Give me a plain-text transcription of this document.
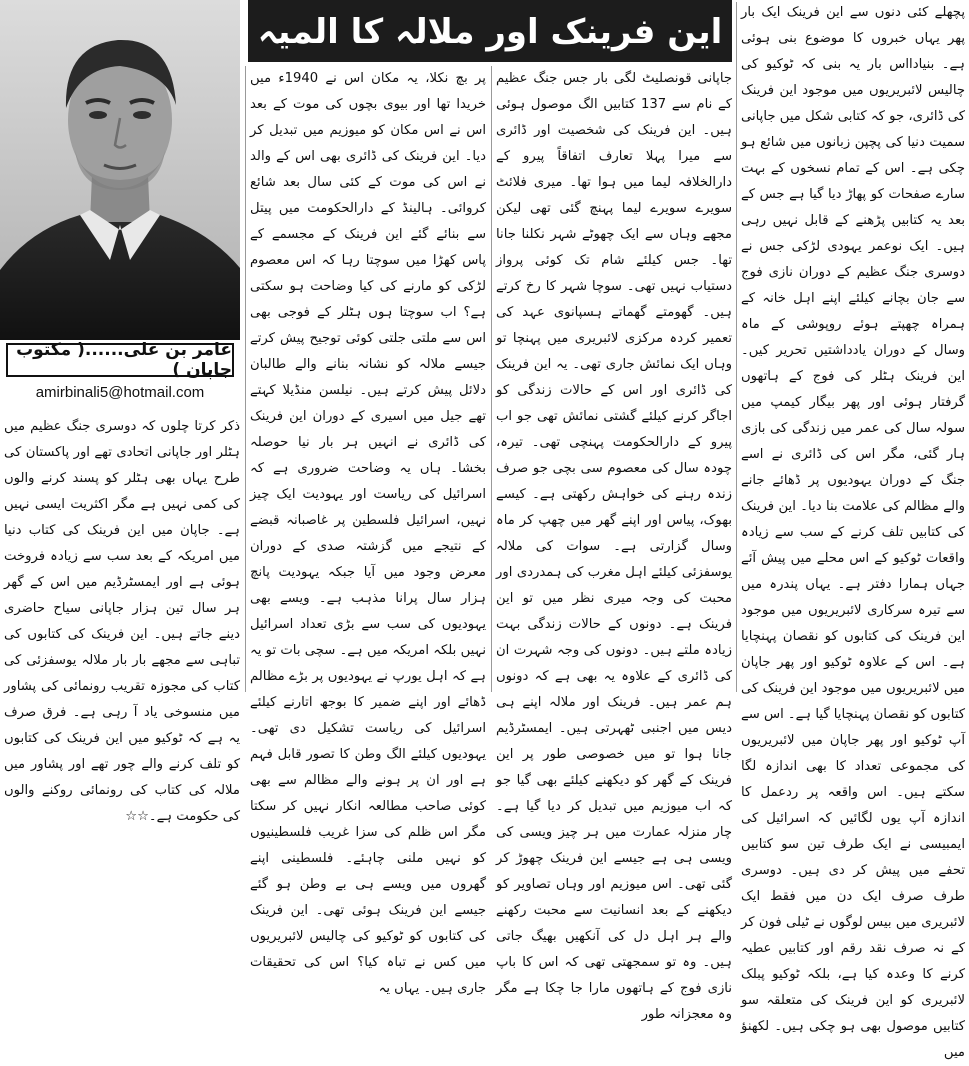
عامر بن علی......( مکتوب جاپان )
amirbinali5@hotmail.com
این فرینک اور ملالہ کا المیہ پچھلے کئی دنوں سے این فرینک ایک بار پھر یہاں خبروں کا موضوع بنی ہوئی ہے۔ بنیادااس بار یہ بنی کہ ٹوکیو کی چالیس لائبریریوں میں موجود این فرینک کی ڈائری، جو کہ کتابی شکل میں جاپانی سمیت دنیا کی پچپن زبانوں میں شائع ہو چکی ہے۔ اس کے تمام نسخوں کے بہت سارے صفحات کو پھاڑ دیا گیا ہے جس کے بعد یہ کتابیں پڑھنے کے قابل نہیں رہی ہیں۔ ایک نوعمر یہودی لڑکی جس نے دوسری جنگ عظیم کے دوران نازی فوج سے جان بچانے کیلئے اپنے اہل خانہ کے ہمراہ چھپتے ہوئے روپوشی کے ماہ وسال کے دوران یادداشتیں تحریر کیں۔ این فرینک ہٹلر کی فوج کے ہاتھوں گرفتار ہوئی اور پھر بیگار کیمپ میں سولہ سال کی عمر میں زندگی کی بازی ہار گئی، مگر اس کی ڈائری نے اسے جنگ کے دوران یہودیوں پر ڈھائے جانے والے مظالم کی علامت بنا دیا۔ این فرینک کی کتابیں تلف کرنے کے سب سے زیادہ واقعات ٹوکیو کے اس محلے میں پیش آئے جہاں ہمارا دفتر ہے۔ یہاں پندرہ میں سے تیرہ سرکاری لائبریریوں میں موجود این فرینک کی کتابوں کو نقصان پہنچایا ہے۔ اس کے علاوہ ٹوکیو اور پھر جاپان میں لائبریریوں میں موجود این فرینک کی کتابوں کو نقصان پہنچایا گیا ہے۔ اس سے آپ ٹوکیو اور پھر جاپان میں لائبریریوں کی مجموعی تعداد کا بھی اندازہ لگا سکتے ہیں۔ اس واقعہ پر ردعمل کا اندازہ آپ یوں لگائیں کہ اسرائیل کی ایمبیسی نے ایک طرف تین سو کتابیں تحفے میں پیش کر دی ہیں۔ دوسری طرف صرف ایک دن میں فقط ایک لائبریری میں بیس لوگوں نے ٹیلی فون کر کے نہ صرف نقد رقم اور کتابیں عطیہ کرنے کا وعدہ کیا ہے، بلکہ ٹوکیو پبلک لائبریری کو این فرینک کی متعلقہ سو کتابیں موصول بھی ہو چکی ہیں۔ لکھنؤ میں

جاپانی قونصلیٹ لگی بار جس جنگ عظیم کے نام سے 137 کتابیں الگ موصول ہوئی ہیں۔ این فرینک کی شخصیت اور ڈائری سے میرا پہلا تعارف اتفاقاً پیرو کے دارالخلافہ لیما میں ہوا تھا۔ میری فلائٹ سویرے سویرے لیما پہنچ گئی تھی لیکن مجھے وہاں سے ایک چھوٹے شہر نکلنا جانا تھا۔ جس کیلئے شام تک کوئی پرواز دستیاب نہیں تھی۔ سوچا شہر کا رخ کرتے ہیں۔ گھومتے گھماتے ہسپانوی عہد کی تعمیر کردہ مرکزی لائبریری میں پہنچا تو وہاں ایک نمائش جاری تھی۔ یہ این فرینک کی ڈائری اور اس کے حالات زندگی کو اجاگر کرنے کیلئے گشتی نمائش تھی جو اب پیرو کے دارالحکومت پہنچی تھی۔ تیرہ، چودہ سال کی معصوم سی بچی جو صرف زندہ رہنے کی خواہش رکھتی ہے۔ کیسے بھوک، پیاس اور اپنے گھر میں چھپ کر ماہ وسال گزارتی ہے۔ سوات کی ملالہ یوسفزئی کیلئے اہل مغرب کی ہمدردی اور محبت کی وجہ میری نظر میں تو این فرینک ہے۔ دونوں کے حالات زندگی بہت زیادہ ملتے ہیں۔ دونوں کی وجہ شہرت ان کی ڈائری کے علاوہ یہ بھی ہے کہ دونوں ہم عمر ہیں۔ فرینک اور ملالہ اپنے ہی دیس میں اجنبی ٹھہرتی ہیں۔ ایمسٹرڈیم جانا ہوا تو میں خصوصی طور پر این فرینک کے گھر کو دیکھنے کیلئے بھی گیا جو کہ اب میوزیم میں تبدیل کر دیا گیا ہے۔ چار منزلہ عمارت میں ہر چیز ویسی کی ویسی ہی ہے جیسے این فرینک چھوڑ کر گئی تھی۔ اس میوزیم اور وہاں تصاویر کو دیکھنے کے بعد انسانیت سے محبت رکھنے والے ہر اہل دل کی آنکھیں بھیگ جاتی ہیں۔ وہ تو سمجھتی تھی کہ اس کا باپ نازی فوج کے ہاتھوں مارا جا چکا ہے مگر وہ معجزانہ طور

پر بچ نکلا، یہ مکان اس نے 1940ء میں خریدا تھا اور بیوی بچوں کی موت کے بعد اس نے اس مکان کو میوزیم میں تبدیل کر دیا۔ این فرینک کی ڈائری بھی اس کے والد نے اس کی موت کے کئی سال بعد شائع کروائی۔ ہالینڈ کے دارالحکومت میں پیتل سے بنائے گئے این فرینک کے مجسمے کے پاس کھڑا میں سوچتا رہا کہ اس معصوم لڑکی کو مارنے کی کیا وضاحت ہو سکتی ہے؟ اب سوچتا ہوں ہٹلر کے فوجی بھی اس سے ملتی جلتی کوئی توجیح پیش کرتے جیسے ملالہ کو نشانہ بنانے والے طالبان دلائل پیش کرتے ہیں۔ نیلسن منڈیلا کہتے تھے جیل میں اسیری کے دوران این فرینک کی ڈائری نے انہیں ہر بار نیا حوصلہ بخشا۔ ہاں یہ وضاحت ضروری ہے کہ اسرائیل کی ریاست اور یہودیت ایک چیز نہیں، اسرائیل فلسطین پر غاصبانہ قبضے کے نتیجے میں گزشتہ صدی کے دوران معرض وجود میں آیا جبکہ یہودیت پانچ ہزار سال پرانا مذہب ہے۔ ویسے بھی یہودیوں کی سب سے بڑی تعداد اسرائیل نہیں بلکہ امریکہ میں ہے۔ سچی بات تو یہ ہے کہ اہل یورپ نے یہودیوں پر بڑے مظالم ڈھائے اور اپنے ضمیر کا بوجھ اتارنے کیلئے اسرائیل کی ریاست تشکیل دی تھی۔ یہودیوں کیلئے الگ وطن کا تصور قابل فہم ہے اور ان پر ہونے والے مظالم سے بھی کوئی صاحب مطالعہ انکار نہیں کر سکتا مگر اس ظلم کی سزا غریب فلسطینیوں کو نہیں ملنی چاہئے۔ فلسطینی اپنے گھروں میں ویسے ہی بے وطن ہو گئے جیسے این فرینک ہوئی تھی۔ این فرینک کی کتابوں کو ٹوکیو کی چالیس لائبریریوں میں کس نے تباہ کیا؟ اس کی تحقیقات جاری ہیں۔ یہاں یہ

ذکر کرتا چلوں کہ دوسری جنگ عظیم میں ہٹلر اور جاپانی اتحادی تھے اور پاکستان کی طرح یہاں بھی ہٹلر کو پسند کرنے والوں کی کمی نہیں ہے مگر اکثریت ایسی نہیں ہے۔ جاپان میں این فرینک کی کتاب دنیا میں امریکہ کے بعد سب سے زیادہ فروخت ہوئی ہے اور ایمسٹرڈیم میں اس کے گھر ہر سال تین ہزار جاپانی سیاح حاضری دینے جاتے ہیں۔ این فرینک کی کتابوں کی تباہی سے مجھے بار بار ملالہ یوسفزئی کی کتاب کی مجوزہ تقریب رونمائی کی پشاور میں منسوخی یاد آ رہی ہے۔ فرق صرف یہ ہے کہ ٹوکیو میں این فرینک کی کتابوں کو تلف کرنے والے چور تھے اور پشاور میں ملالہ کی کتاب کی رونمائی روکنے والوں کی حکومت ہے۔☆☆
